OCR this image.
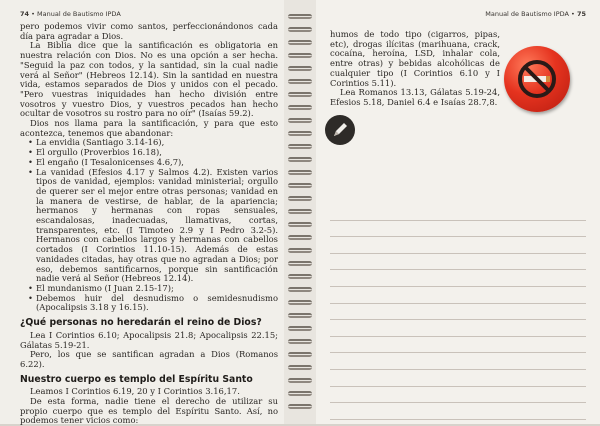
74 • Manual de Bautismo IPDA

pero podemos vivir como santos, perfeccionándonos cada día para agradar a Dios.

La Biblia dice que la santificación es obligatoria en nuestra relación con Dios. No es una opción a ser hecha. "Seguid la paz con todos, y la santidad, sin la cual nadie verá al Señor" (Hebreos 12.14). Sin la santidad en nuestra vida, estamos separados de Dios y unidos con el pecado. "Pero vuestras iniquidades han hecho división entre vosotros y vuestro Dios, y vuestros pecados han hecho ocultar de vosotros su rostro para no oír" (Isaías 59.2).

Dios nos llama para la santificación, y para que esto acontezca, tenemos que abandonar:

• La envidia (Santiago 3.14-16),
• El orgullo (Proverbios 16.18),
• El engaño (I Tesalonicenses 4.6,7),
• La vanidad (Efesios 4.17 y Salmos 4.2). Existen varios tipos de vanidad, ejemplos: vanidad ministerial; orgullo de querer ser el mejor entre otras personas; vanidad en la manera de vestirse, de hablar, de la apariencia; hermanos y hermanas con ropas sensuales, escandalosas, inadecuadas, llamativas, cortas, transparentes, etc. (I Timoteo 2.9 y I Pedro 3.2-5). Hermanos con cabellos largos y hermanas con cabellos cortados (I Corintios 11.10-15). Además de estas vanidades citadas, hay otras que no agradan a Dios; por eso, debemos santificarnos, porque sin santificación nadie verá al Señor (Hebreos 12.14).
• El mundanismo (I Juan 2.15-17);
• Debemos huir del desnudismo o semidesnudismo (Apocalipsis 3.18 y 16.15).
¿Qué personas no heredarán el reino de Dios?

Lea I Corintios 6.10; Apocalipsis 21.8; Apocalipsis 22.15; Gálatas 5.19-21.

Pero, los que se santifican agradan a Dios (Romanos 6.22).

Nuestro cuerpo es templo del Espíritu Santo

Leamos I Corintios 6.19, 20 y I Corintios 3.16,17.

De esta forma, nadie tiene el derecho de utilizar su propio cuerpo que es templo del Espíritu Santo. Así, no podemos tener vicios como:

Manual de Bautismo IPDA • 75

humos de todo tipo (cigarros, pipas, etc), drogas ilícitas (marihuana, crack, cocaína, heroína, LSD, inhalar cola, entre otras) y bebidas alcohólicas de cualquier tipo (I Corintios 6.10 y I Corintios 5.11).

Lea Romanos 13.13, Gálatas 5.19-24, Efesios 5.18, Daniel 6.4 e Isaías 28.7,8.
